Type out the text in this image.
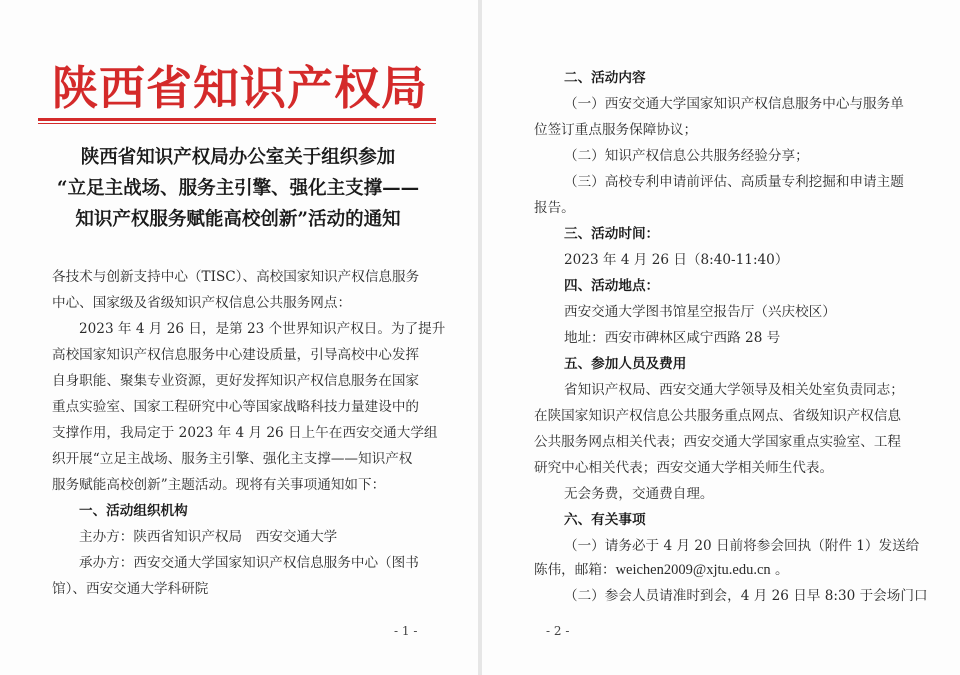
陕西省知识产权局
陕西省知识产权局办公室关于组织参加
“立足主战场、服务主引擎、强化主支撑——
知识产权服务赋能高校创新”活动的通知
各技术与创新支持中心（TISC）、高校国家知识产权信息服务
中心、国家级及省级知识产权信息公共服务网点：
2023 年 4 月 26 日，是第 23 个世界知识产权日。为了提升
高校国家知识产权信息服务中心建设质量，引导高校中心发挥
自身职能、聚集专业资源，更好发挥知识产权信息服务在国家
重点实验室、国家工程研究中心等国家战略科技力量建设中的
支撑作用，我局定于 2023 年 4 月 26 日上午在西安交通大学组
织开展“立足主战场、服务主引擎、强化主支撑——知识产权
服务赋能高校创新”主题活动。现将有关事项通知如下：
一、活动组织机构
主办方：陕西省知识产权局　西安交通大学
承办方：西安交通大学国家知识产权信息服务中心（图书
馆）、西安交通大学科研院
- 1 -
二、活动内容
（一）西安交通大学国家知识产权信息服务中心与服务单
位签订重点服务保障协议；
（二）知识产权信息公共服务经验分享；
（三）高校专利申请前评估、高质量专利挖掘和申请主题
报告。
三、活动时间：
2023 年 4 月 26 日（8:40-11:40）
四、活动地点：
西安交通大学图书馆星空报告厅（兴庆校区）
地址：西安市碑林区咸宁西路 28 号
五、参加人员及费用
省知识产权局、西安交通大学领导及相关处室负责同志；
在陕国家知识产权信息公共服务重点网点、省级知识产权信息
公共服务网点相关代表；西安交通大学国家重点实验室、工程
研究中心相关代表；西安交通大学相关师生代表。
无会务费，交通费自理。
六、有关事项
（一）请务必于 4 月 20 日前将参会回执（附件 1）发送给
陈伟，邮箱：weichen2009@xjtu.edu.cn 。
（二）参会人员请准时到会，4 月 26 日早 8:30 于会场门口
- 2 -
